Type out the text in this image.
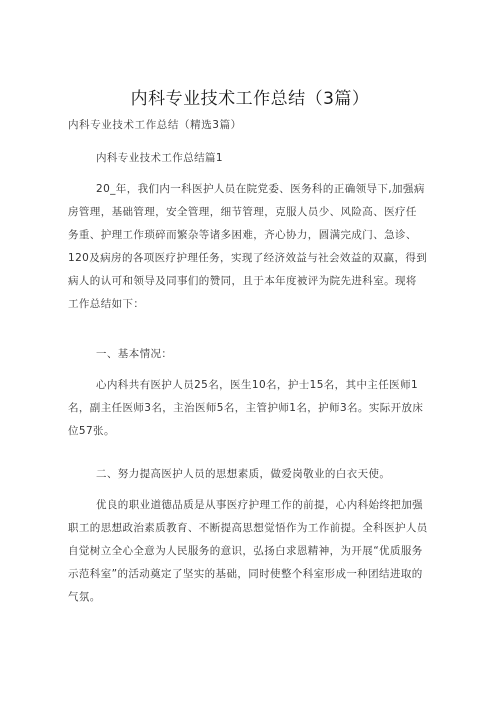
内科专业技术工作总结（3篇）
内科专业技术工作总结（精选3篇）
内科专业技术工作总结篇1
20_年，我们内一科医护人员在院党委、医务科的正确领导下,加强病
房管理，基础管理，安全管理，细节管理，克服人员少、风险高、医疗任
务重、护理工作琐碎而繁杂等诸多困难，齐心协力，圆满完成门、急诊、
120及病房的各项医疗护理任务，实现了经济效益与社会效益的双赢，得到
病人的认可和领导及同事们的赞同，且于本年度被评为院先进科室。现将
工作总结如下：
一、基本情况：
心内科共有医护人员25名，医生10名，护士15名，其中主任医师1
名，副主任医师3名，主治医师5名，主管护师1名，护师3名。实际开放床
位57张。
二、努力提高医护人员的思想素质，做爱岗敬业的白衣天使。
优良的职业道德品质是从事医疗护理工作的前提，心内科始终把加强
职工的思想政治素质教育、不断提高思想觉悟作为工作前提。全科医护人员
自觉树立全心全意为人民服务的意识，弘扬白求恩精神，为开展“优质服务
示范科室”的活动奠定了坚实的基础，同时使整个科室形成一种团结进取的
气氛。
